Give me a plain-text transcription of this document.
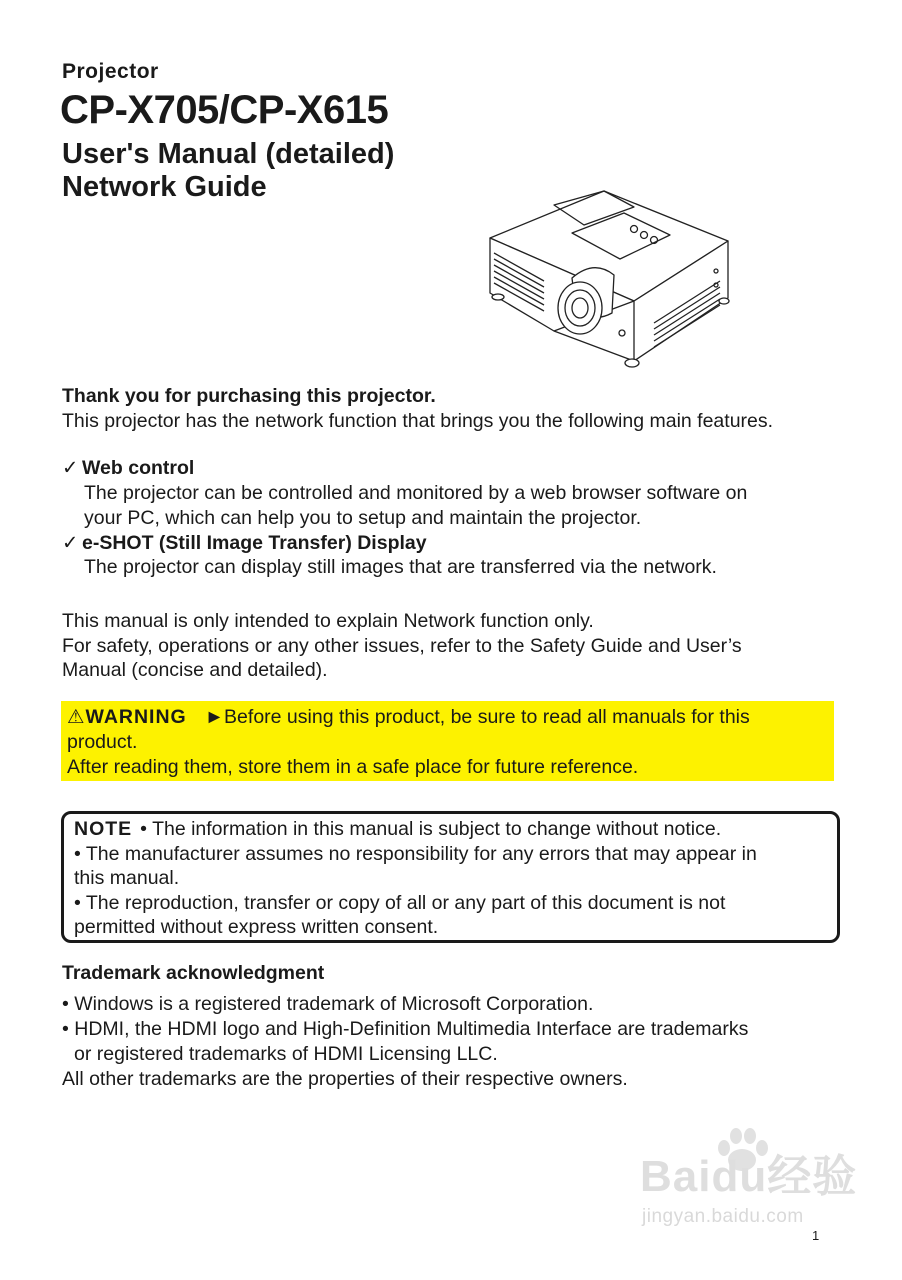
Projector
CP-X705/CP-X615
User's Manual (detailed)
Network Guide
Thank you for purchasing this projector.
This projector has the network function that brings you the following main features.
✓ Web control
The projector can be controlled and monitored by a web browser software on
your PC, which can help you to setup and maintain the projector.
✓ e-SHOT (Still Image Transfer) Display
The projector can display still images that are transferred via the network.
This manual is only intended to explain Network function only.
For safety, operations or any other issues, refer to the Safety Guide and User’s
Manual (concise and detailed).
⚠WARNING ►Before using this product, be sure to read all manuals for this
product.
After reading them, store them in a safe place for future reference.
NOTE • The information in this manual is subject to change without notice.
• The manufacturer assumes no responsibility for any errors that may appear in
this manual.
• The reproduction, transfer or copy of all or any part of this document is not
permitted without express written consent.
Trademark acknowledgment
• Windows is a registered trademark of Microsoft Corporation.
• HDMI, the HDMI logo and High-Definition Multimedia Interface are trademarks
or registered trademarks of HDMI Licensing LLC.
All other trademarks are the properties of their respective owners.
Baidu经验
jingyan.baidu.com
1
